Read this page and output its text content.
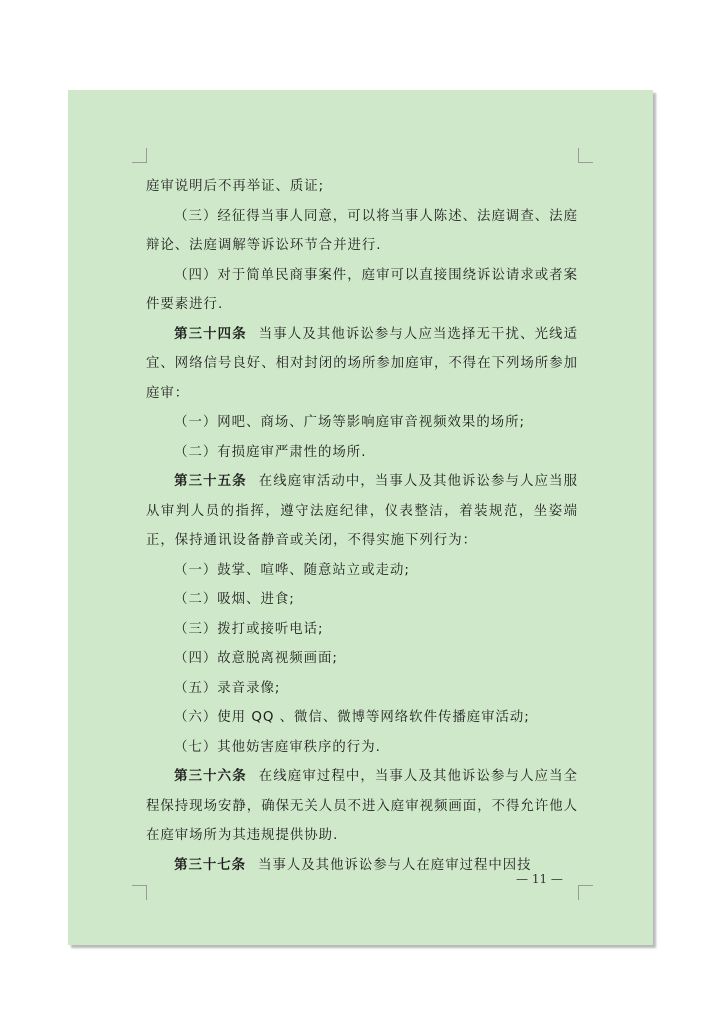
庭审说明后不再举证、质证;
（三）经征得当事人同意，可以将当事人陈述、法庭调查、法庭辩论、法庭调解等诉讼环节合并进行.
（四）对于简单民商事案件，庭审可以直接围绕诉讼请求或者案件要素进行.
第三十四条 当事人及其他诉讼参与人应当选择无干扰、光线适宜、网络信号良好、相对封闭的场所参加庭审，不得在下列场所参加庭审：
（一）网吧、商场、广场等影响庭审音视频效果的场所;
（二）有损庭审严肃性的场所.
第三十五条 在线庭审活动中，当事人及其他诉讼参与人应当服从审判人员的指挥，遵守法庭纪律，仪表整洁，着装规范，坐姿端正，保持通讯设备静音或关闭，不得实施下列行为：
（一）鼓掌、喧哗、随意站立或走动;
（二）吸烟、进食;
（三）拨打或接听电话;
（四）故意脱离视频画面;
（五）录音录像;
（六）使用 QQ 、微信、微博等网络软件传播庭审活动;
（七）其他妨害庭审秩序的行为.
第三十六条 在线庭审过程中，当事人及其他诉讼参与人应当全程保持现场安静，确保无关人员不进入庭审视频画面，不得允许他人在庭审场所为其违规提供协助.
第三十七条 当事人及其他诉讼参与人在庭审过程中因技
— 11 —
